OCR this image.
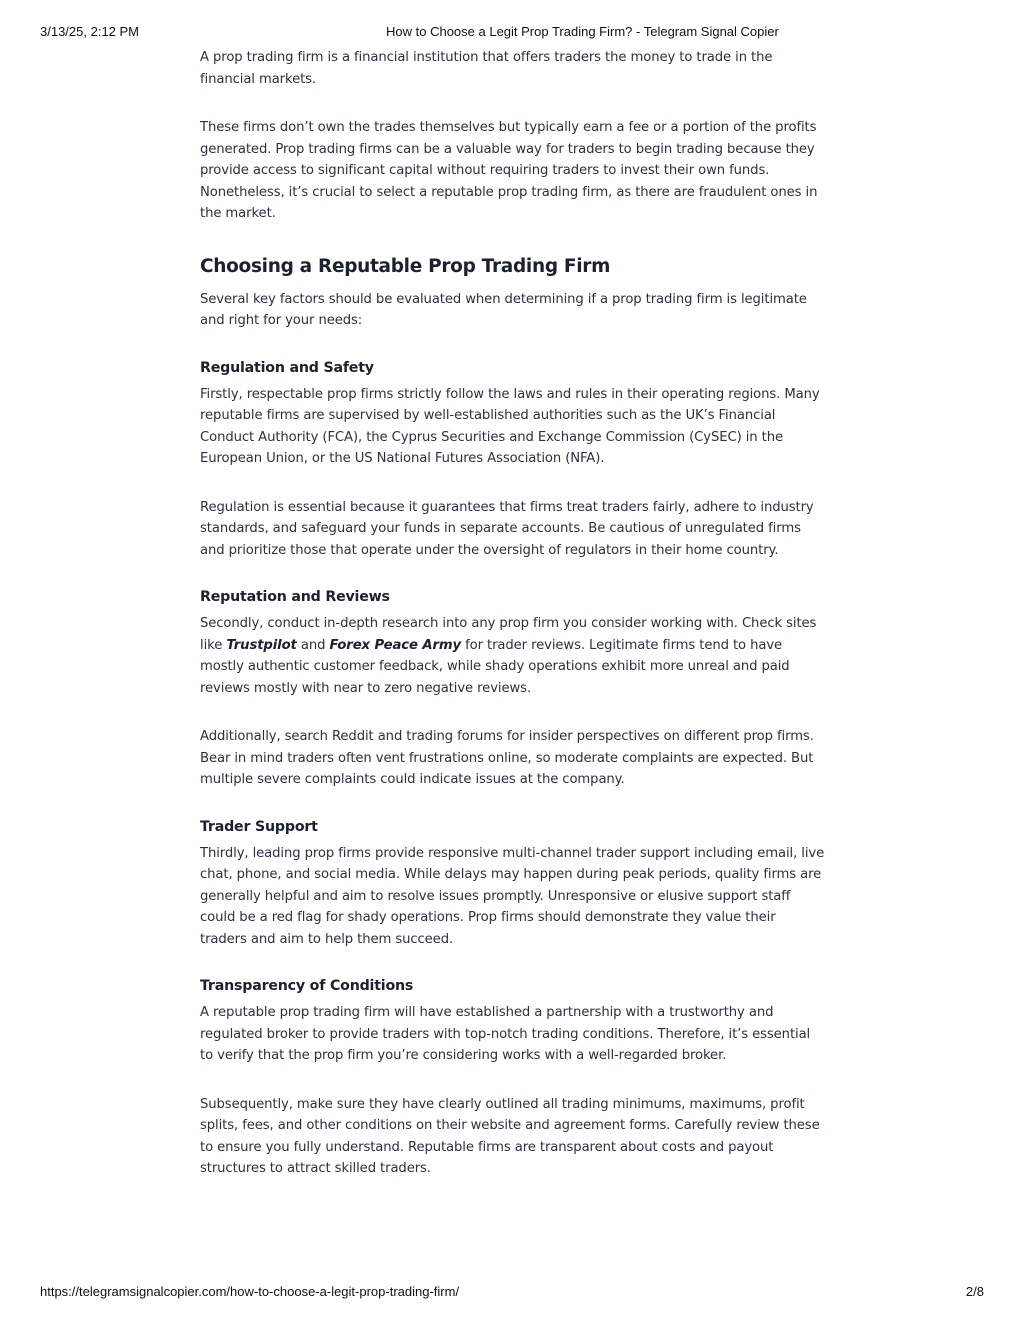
3/13/25, 2:12 PM	How to Choose a Legit Prop Trading Firm? - Telegram Signal Copier

A prop trading firm is a financial institution that offers traders the money to trade in the financial markets.

These firms don’t own the trades themselves but typically earn a fee or a portion of the profits generated. Prop trading firms can be a valuable way for traders to begin trading because they provide access to significant capital without requiring traders to invest their own funds. Nonetheless, it’s crucial to select a reputable prop trading firm, as there are fraudulent ones in the market.

Choosing a Reputable Prop Trading Firm

Several key factors should be evaluated when determining if a prop trading firm is legitimate and right for your needs:

Regulation and Safety

Firstly, respectable prop firms strictly follow the laws and rules in their operating regions. Many reputable firms are supervised by well-established authorities such as the UK’s Financial Conduct Authority (FCA), the Cyprus Securities and Exchange Commission (CySEC) in the European Union, or the US National Futures Association (NFA).

Regulation is essential because it guarantees that firms treat traders fairly, adhere to industry standards, and safeguard your funds in separate accounts. Be cautious of unregulated firms and prioritize those that operate under the oversight of regulators in their home country.

Reputation and Reviews

Secondly, conduct in-depth research into any prop firm you consider working with. Check sites like Trustpilot and Forex Peace Army for trader reviews. Legitimate firms tend to have mostly authentic customer feedback, while shady operations exhibit more unreal and paid reviews mostly with near to zero negative reviews.

Additionally, search Reddit and trading forums for insider perspectives on different prop firms. Bear in mind traders often vent frustrations online, so moderate complaints are expected. But multiple severe complaints could indicate issues at the company.

Trader Support

Thirdly, leading prop firms provide responsive multi-channel trader support including email, live chat, phone, and social media. While delays may happen during peak periods, quality firms are generally helpful and aim to resolve issues promptly. Unresponsive or elusive support staff could be a red flag for shady operations. Prop firms should demonstrate they value their traders and aim to help them succeed.

Transparency of Conditions

A reputable prop trading firm will have established a partnership with a trustworthy and regulated broker to provide traders with top-notch trading conditions. Therefore, it’s essential to verify that the prop firm you’re considering works with a well-regarded broker.

Subsequently, make sure they have clearly outlined all trading minimums, maximums, profit splits, fees, and other conditions on their website and agreement forms. Carefully review these to ensure you fully understand. Reputable firms are transparent about costs and payout structures to attract skilled traders.

https://telegramsignalcopier.com/how-to-choose-a-legit-prop-trading-firm/	2/8
